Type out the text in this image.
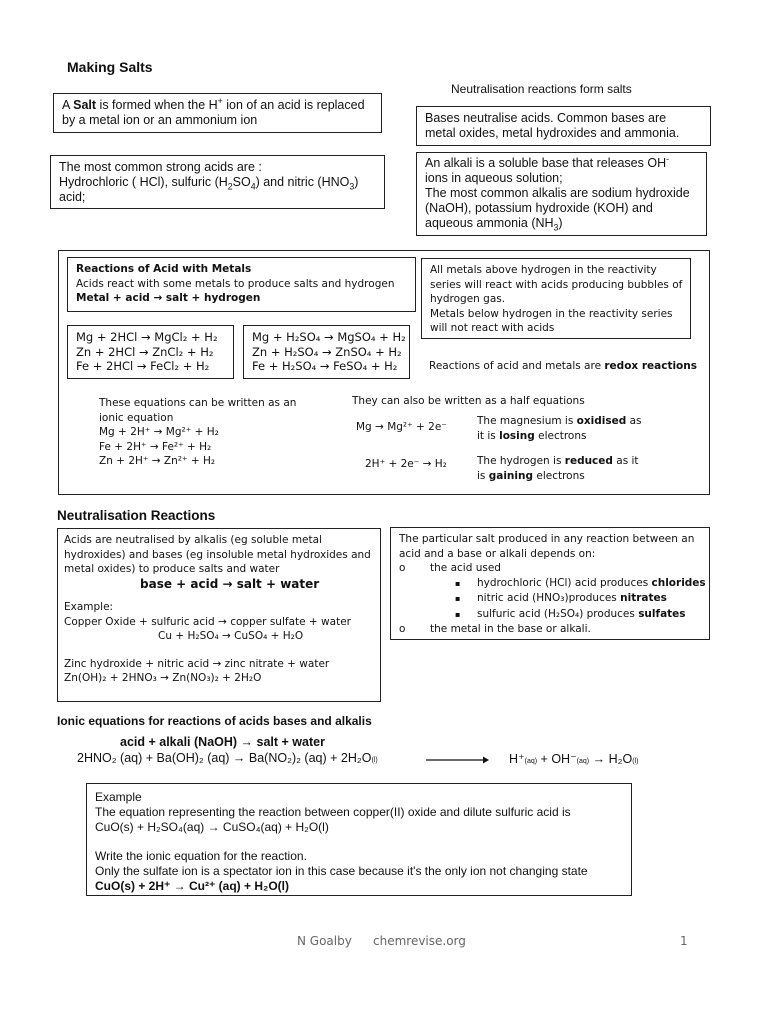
Making Salts
Neutralisation reactions form salts
A Salt is formed when the H+ ion of an acid is replaced
by a metal ion or an ammonium ion	Bases neutralise acids. Common bases are
metal oxides, metal hydroxides and ammonia.
The most common strong acids are :
Hydrochloric ( HCl), sulfuric $(H_2SO_4)$ and nitric $(HNO_3)$
acid;
An alkali is a soluble base that releases OH-
ions in aqueous solution;
The most common alkalis are sodium hydroxide
(NaOH), potassium hydroxide (KOH) and
aqueous ammonia $(NH_3)$
Reactions of Acid with Metals
Acids react with some metals to produce salts and hydrogen
Metal + acid → salt + hydrogen
All metals above hydrogen in the reactivity
series will react with acids producing bubbles of
hydrogen gas.
Metals below hydrogen in the reactivity series
will not react with acids
Mg + 2HCl → MgCl₂ + H₂
Zn + 2HCl → ZnCl₂ + H₂
Fe + 2HCl → FeCl₂ + H₂
Mg + H₂SO₄ → MgSO₄ + H₂
Zn + H₂SO₄ → ZnSO₄ + H₂
Fe + H₂SO₄ → FeSO₄ + H₂	Reactions of acid and metals are redox reactions
These equations can be written as an
ionic equation
Mg + 2H⁺ → Mg²⁺ + H₂
Fe + 2H⁺ → Fe²⁺ + H₂
Zn + 2H⁺ → Zn²⁺ + H₂
They can also be written as a half equations
Mg → Mg²⁺ + 2e⁻
2H⁺ + 2e⁻ → H₂
The magnesium is oxidised as
it is losing electrons
The hydrogen is reduced as it
is gaining electrons
Neutralisation Reactions
Acids are neutralised by alkalis (eg soluble metal
hydroxides) and bases (eg insoluble metal hydroxides and
metal oxides) to produce salts and water
base + acid → salt + water
Example:
Copper Oxide + sulfuric acid → copper sulfate + water
Cu + H₂SO₄ → CuSO₄ + H₂O
Zinc hydroxide + nitric acid → zinc nitrate + water
Zn(OH)₂ + 2HNO₃ → Zn(NO₃)₂ + 2H₂O
The particular salt produced in any reaction between an
acid and a base or alkali depends on:
o the acid used
▪ hydrochloric (HCl) acid produces chlorides
▪ nitric acid (HNO₃)produces nitrates
▪ sulfuric acid (H₂SO₄) produces sulfates
o the metal in the base or alkali.
Ionic equations for reactions of acids bases and alkalis
acid + alkali (NaOH) → salt + water
2HNO₂ (aq) + Ba(OH)₂ (aq) → Ba(NO₂)₂ (aq) + 2H₂O(l)	H⁺(aq) + OH⁻(aq) → H₂O(l)
Example
The equation representing the reaction between copper(II) oxide and dilute sulfuric acid is
CuO(s) + H₂SO₄(aq) → CuSO₄(aq) + H₂O(l)
Write the ionic equation for the reaction.
Only the sulfate ion is a spectator ion in this case because it's the only ion not changing state
CuO(s) + 2H⁺ → Cu²⁺ (aq) + H₂O(l)
N Goalby chemrevise.org	1
